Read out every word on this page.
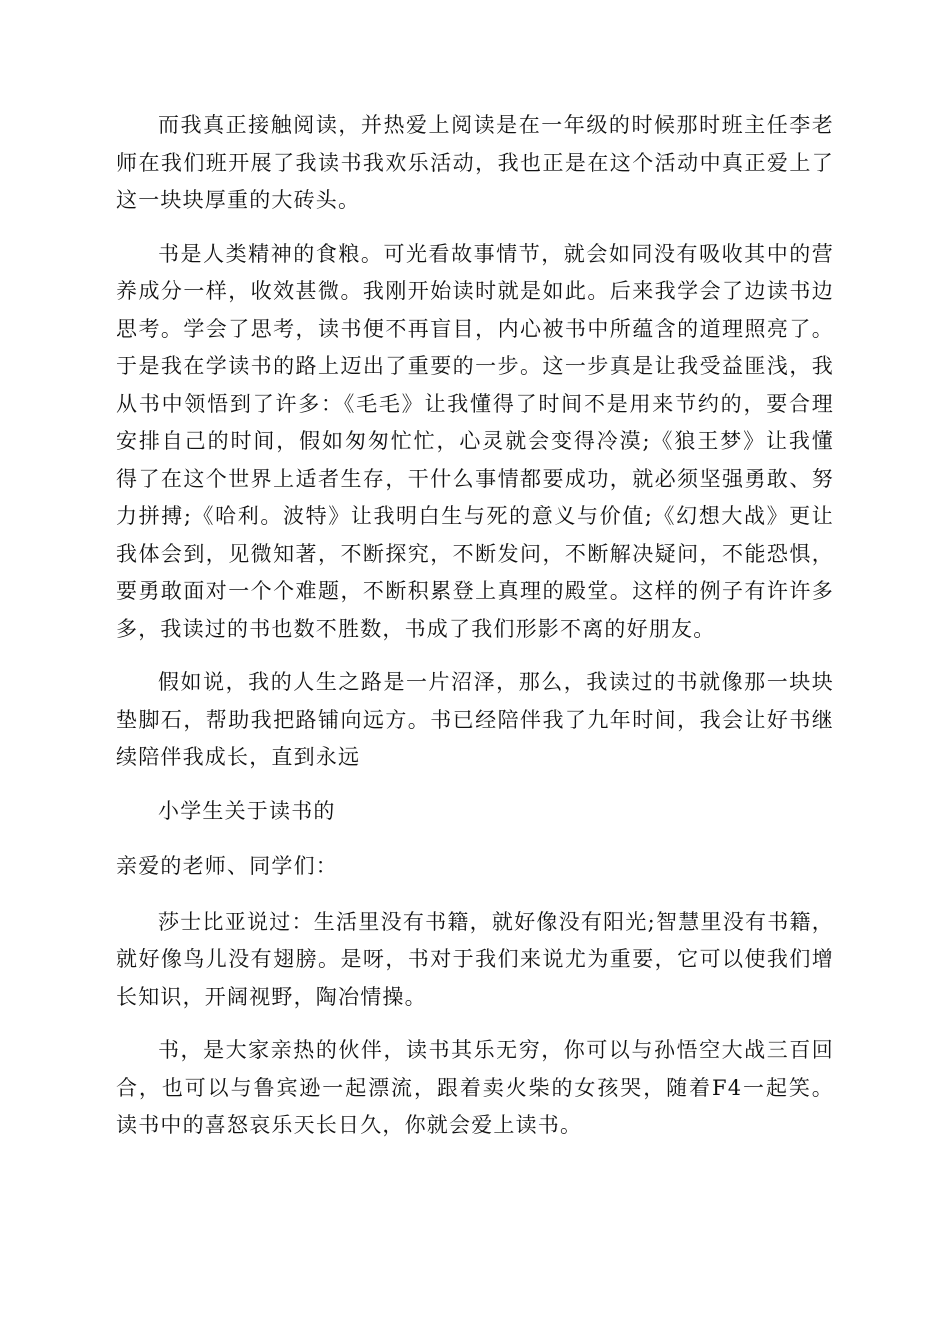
而我真正接触阅读，并热爱上阅读是在一年级的时候那时班主任李老师在我们班开展了我读书我欢乐活动，我也正是在这个活动中真正爱上了这一块块厚重的大砖头。

书是人类精神的食粮。可光看故事情节，就会如同没有吸收其中的营养成分一样，收效甚微。我刚开始读时就是如此。后来我学会了边读书边思考。学会了思考，读书便不再盲目，内心被书中所蕴含的道理照亮了。于是我在学读书的路上迈出了重要的一步。这一步真是让我受益匪浅，我从书中领悟到了许多：《毛毛》让我懂得了时间不是用来节约的，要合理安排自己的时间，假如匆匆忙忙，心灵就会变得冷漠;《狼王梦》让我懂得了在这个世界上适者生存，干什么事情都要成功，就必须坚强勇敢、努力拼搏;《哈利。波特》让我明白生与死的意义与价值;《幻想大战》更让我体会到，见微知著，不断探究，不断发问，不断解决疑问，不能恐惧，要勇敢面对一个个难题，不断积累登上真理的殿堂。这样的例子有许许多多，我读过的书也数不胜数，书成了我们形影不离的好朋友。

假如说，我的人生之路是一片沼泽，那么，我读过的书就像那一块块垫脚石，帮助我把路铺向远方。书已经陪伴我了九年时间，我会让好书继续陪伴我成长，直到永远

小学生关于读书的

亲爱的老师、同学们：

莎士比亚说过：生活里没有书籍，就好像没有阳光;智慧里没有书籍，就好像鸟儿没有翅膀。是呀，书对于我们来说尤为重要，它可以使我们增长知识，开阔视野，陶冶情操。

书，是大家亲热的伙伴，读书其乐无穷，你可以与孙悟空大战三百回合，也可以与鲁宾逊一起漂流，跟着卖火柴的女孩哭，随着F4一起笑。读书中的喜怒哀乐天长日久，你就会爱上读书。
